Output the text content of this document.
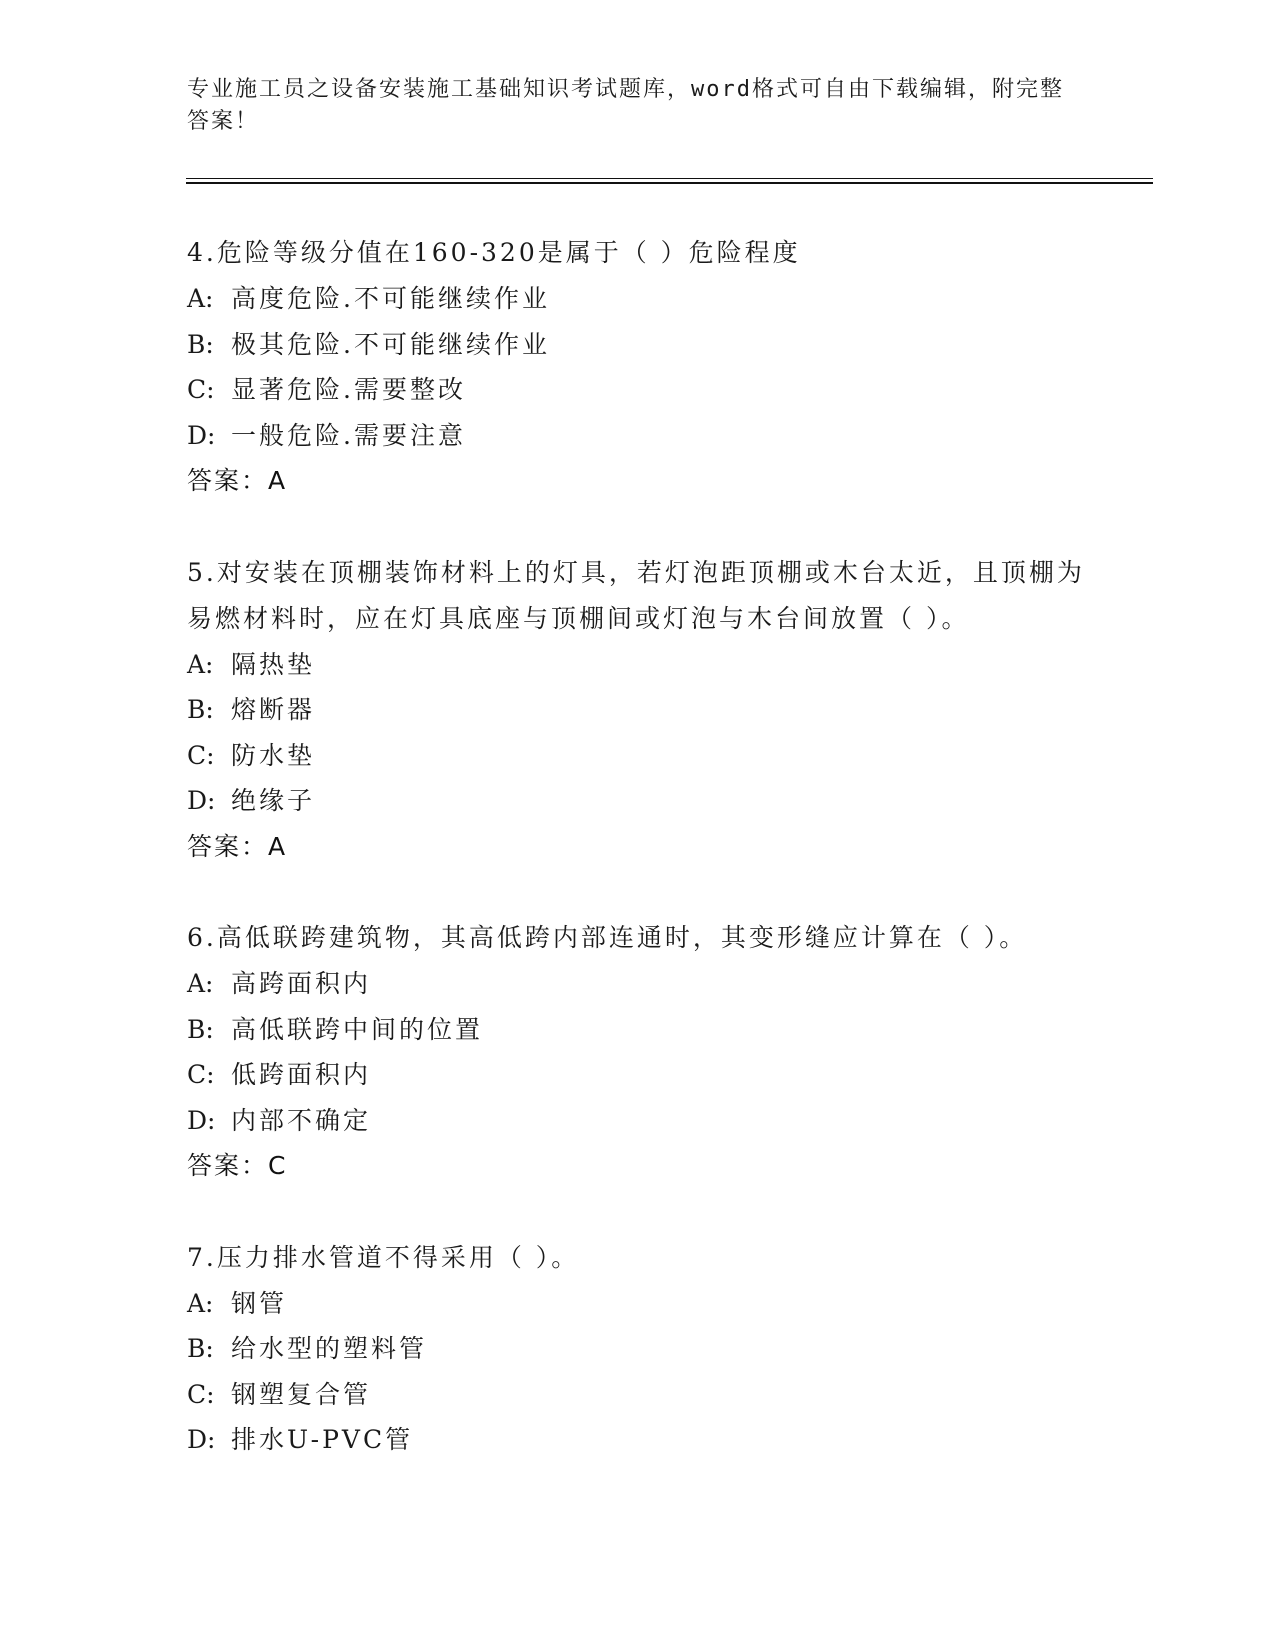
专业施工员之设备安装施工基础知识考试题库，word格式可自由下载编辑，附完整答案！
4.危险等级分值在160-320是属于（ ）危险程度
A: 高度危险.不可能继续作业
B: 极其危险.不可能继续作业
C: 显著危险.需要整改
D: 一般危险.需要注意
答案：A
5.对安装在顶棚装饰材料上的灯具，若灯泡距顶棚或木台太近，且顶棚为易燃材料时，应在灯具底座与顶棚间或灯泡与木台间放置（ ）。
A: 隔热垫
B: 熔断器
C: 防水垫
D: 绝缘子
答案：A
6.高低联跨建筑物，其高低跨内部连通时，其变形缝应计算在（ ）。
A: 高跨面积内
B: 高低联跨中间的位置
C: 低跨面积内
D: 内部不确定
答案：C
7.压力排水管道不得采用（ ）。
A: 钢管
B: 给水型的塑料管
C: 钢塑复合管
D: 排水U-PVC管
